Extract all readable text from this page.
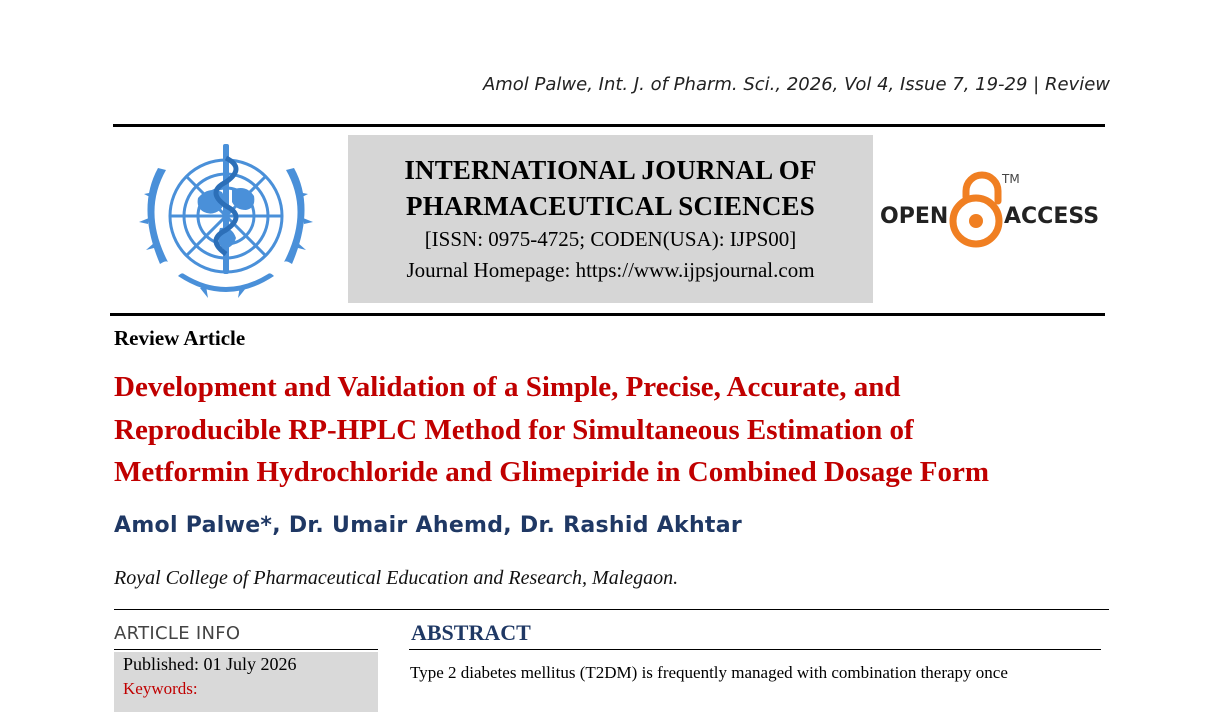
Amol Palwe, Int. J. of Pharm. Sci., 2026, Vol 4, Issue 7, 19-29 | Review
INTERNATIONAL JOURNAL OF
PHARMACEUTICAL SCIENCES
[ISSN: 0975-4725; CODEN(USA): IJPS00]
Journal Homepage: https://www.ijpsjournal.com
OPEN	ACCESS
TM
Review Article
Development and Validation of a Simple, Precise, Accurate, and
Reproducible RP-HPLC Method for Simultaneous Estimation of
Metformin Hydrochloride and Glimepiride in Combined Dosage Form
Amol Palwe*, Dr. Umair Ahemd, Dr. Rashid Akhtar
Royal College of Pharmaceutical Education and Research, Malegaon.
ARTICLE INFO
Published: 01 July 2026
Keywords:
ABSTRACT
Type 2 diabetes mellitus (T2DM) is frequently managed with combination therapy once
